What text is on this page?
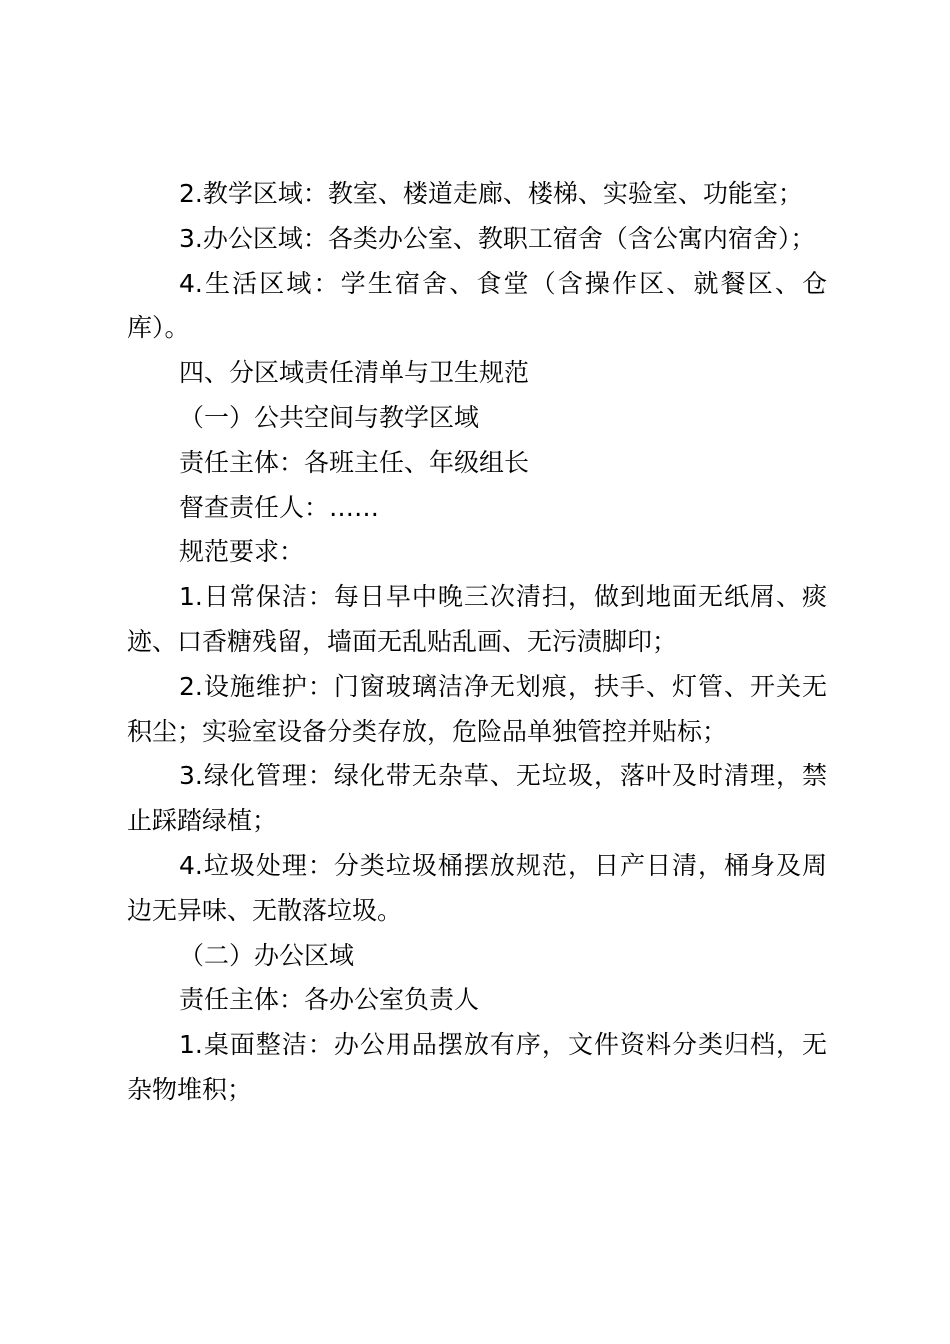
2.教学区域：教室、楼道走廊、楼梯、实验室、功能室；

3.办公区域：各类办公室、教职工宿舍（含公寓内宿舍）；

4.生活区域：学生宿舍、食堂（含操作区、就餐区、仓库）。

四、分区域责任清单与卫生规范

（一）公共空间与教学区域

责任主体：各班主任、年级组长

督查责任人：……

规范要求：

1.日常保洁：每日早中晚三次清扫，做到地面无纸屑、痰迹、口香糖残留，墙面无乱贴乱画、无污渍脚印；

2.设施维护：门窗玻璃洁净无划痕，扶手、灯管、开关无积尘；实验室设备分类存放，危险品单独管控并贴标；

3.绿化管理：绿化带无杂草、无垃圾，落叶及时清理，禁止踩踏绿植；

4.垃圾处理：分类垃圾桶摆放规范，日产日清，桶身及周边无异味、无散落垃圾。

（二）办公区域

责任主体：各办公室负责人

1.桌面整洁：办公用品摆放有序，文件资料分类归档，无杂物堆积；
